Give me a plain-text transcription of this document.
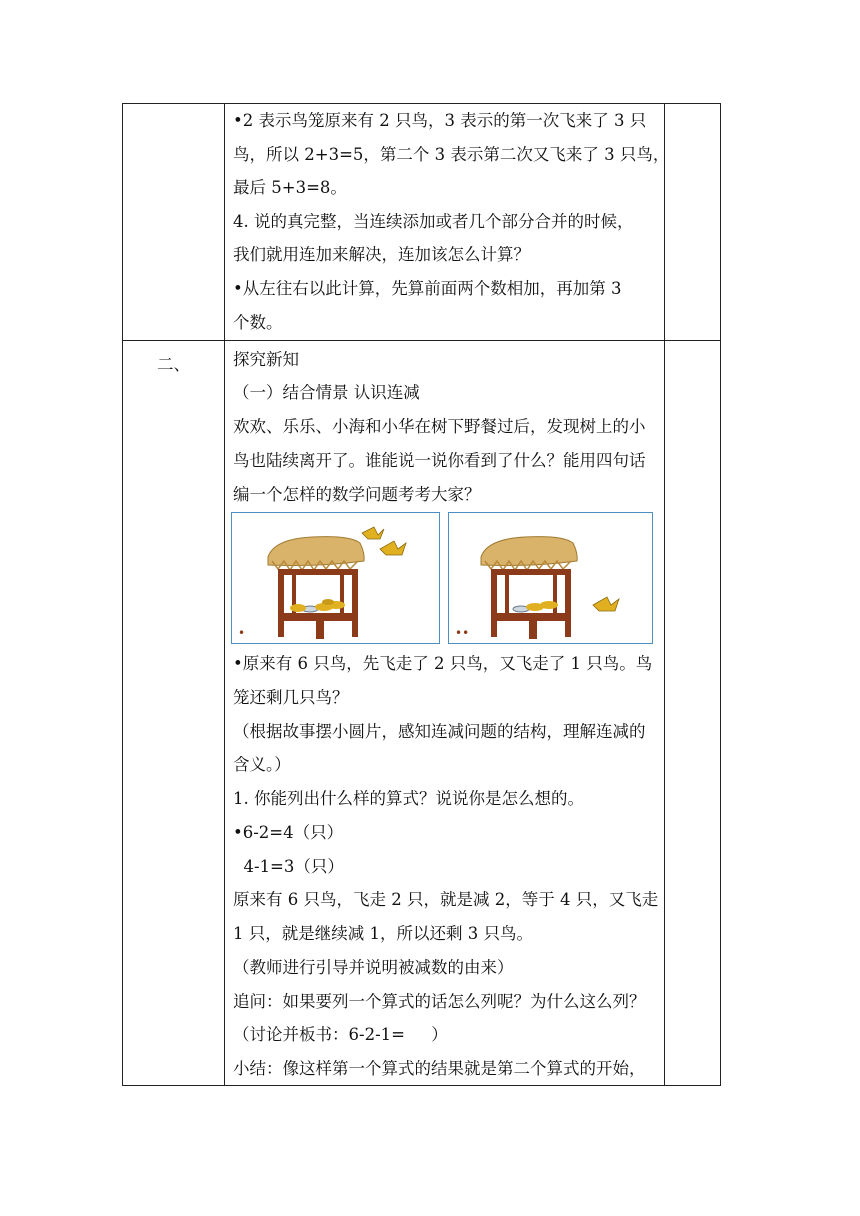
•2 表示鸟笼原来有 2 只鸟，3 表示的第一次飞来了 3 只
鸟，所以 2+3=5，第二个 3 表示第二次又飞来了 3 只鸟，
最后 5+3=8。
4. 说的真完整，当连续添加或者几个部分合并的时候，
我们就用连加来解决，连加该怎么计算？
•从左往右以此计算，先算前面两个数相加，再加第 3
个数。
二、	探究新知
（一）结合情景 认识连减
欢欢、乐乐、小海和小华在树下野餐过后，发现树上的小
鸟也陆续离开了。谁能说一说你看到了什么？能用四句话
编一个怎样的数学问题考考大家？
•	••
•原来有 6 只鸟，先飞走了 2 只鸟，又飞走了 1 只鸟。鸟
笼还剩几只鸟？
（根据故事摆小圆片，感知连减问题的结构，理解连减的
含义。）
1. 你能列出什么样的算式？说说你是怎么想的。
•6-2=4（只）
4-1=3（只）
原来有 6 只鸟，飞走 2 只，就是减 2，等于 4 只，又飞走
1 只，就是继续减 1，所以还剩 3 只鸟。
（教师进行引导并说明被减数的由来）
追问：如果要列一个算式的话怎么列呢？为什么这么列？
（讨论并板书：6-2-1=     ）
小结：像这样第一个算式的结果就是第二个算式的开始，
